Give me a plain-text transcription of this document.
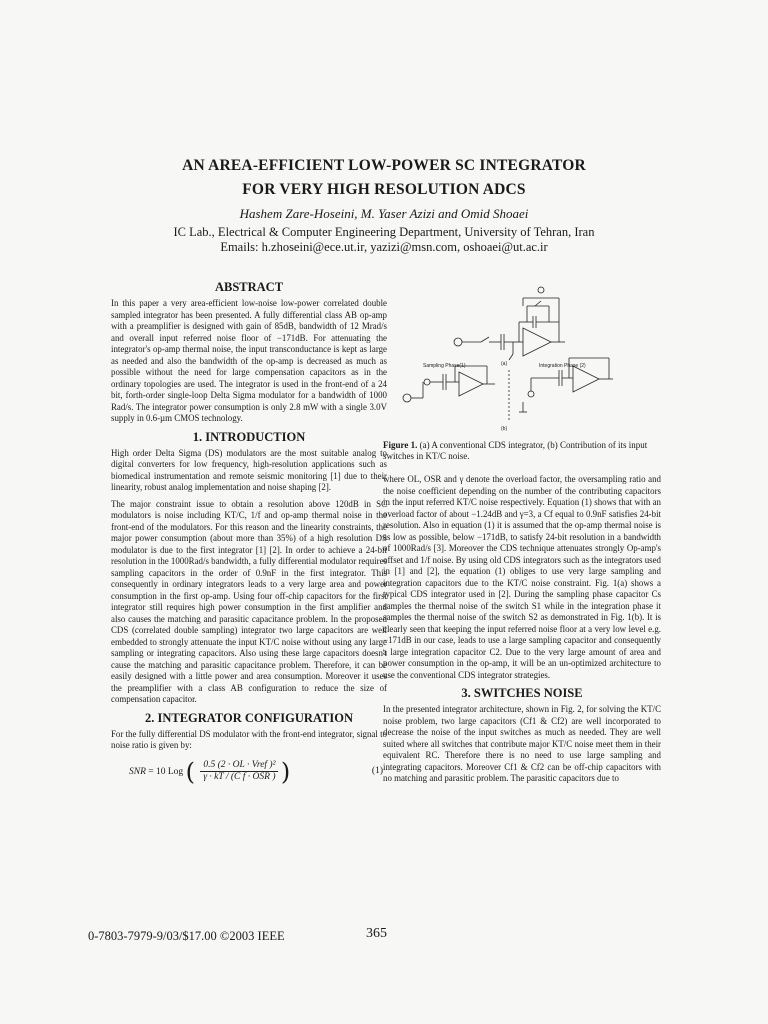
AN AREA-EFFICIENT LOW-POWER SC INTEGRATOR
FOR VERY HIGH RESOLUTION ADCS
Hashem Zare-Hoseini, M. Yaser Azizi and Omid Shoaei
IC Lab., Electrical & Computer Engineering Department, University of Tehran, Iran
Emails: h.zhoseini@ece.ut.ir, yazizi@msn.com, oshoaei@ut.ac.ir
ABSTRACT

In this paper a very area-efficient low-noise low-power correlated double sampled integrator has been presented. A fully differential class AB op-amp with a preamplifier is designed with gain of 85dB, bandwidth of 12 Mrad/s and overall input referred noise floor of −171dB. For attenuating the integrator's op-amp thermal noise, the input transconductance is kept as large as needed and also the bandwidth of the op-amp is decreased as much as possible without the need for large compensation capacitors as in the ordinary topologies are used. The integrator is used in the front-end of a 24 bit, forth-order single-loop Delta Sigma modulator for a bandwidth of 1000 Rad/s. The integrator power consumption is only 2.8 mW with a single 3.0V supply in 0.6-µm CMOS technology.

1. INTRODUCTION

High order Delta Sigma (DS) modulators are the most suitable analog to digital converters for low frequency, high-resolution applications such as biomedical instrumentation and remote seismic monitoring [1] due to their linearity, robust analog implementation and noise shaping [2].

The major constraint issue to obtain a resolution above 120dB in SC modulators is noise including KT/C, 1/f and op-amp thermal noise in the front-end of the modulators. For this reason and the linearity constraints, the major power consumption (about more than 35%) of a high resolution DS modulator is due to the first integrator [1] [2]. In order to achieve a 24-bit resolution in the 1000Rad/s bandwidth, a fully differential modulator requires sampling capacitors in the order of 0.9nF in the first integrator. This consequently in ordinary integrators leads to a very large area and power consumption in the first op-amp. Using four off-chip capacitors for the first integrator still requires high power consumption in the first amplifier and also causes the matching and parasitic capacitance problem. In the proposed CDS (correlated double sampling) integrator two large capacitors are well embedded to strongly attenuate the input KT/C noise without using any large sampling or integrating capacitors. Also using these large capacitors doesn't cause the matching and parasitic capacitance problem. Therefore, it can be easily designed with a little power and area consumption. Moreover it uses the preamplifier with a class AB configuration to reduce the size of compensation capacitor.

2. INTEGRATOR CONFIGURATION

For the fully differential DS modulator with the front-end integrator, signal to noise ratio is given by:

SNR = 10 Log ( $\frac{\text{0.5 (2 · OL · Vref )²}}{\text{γ · kT / (C f · OSR )}}$ )	(1)
(a)
Sampling Phase(1)	Integration Phase (2)
(b)
Figure 1. (a) A conventional CDS integrator, (b) Contribution of its input switches in KT/C noise.

where OL, OSR and γ denote the overload factor, the oversampling ratio and the noise coefficient depending on the number of the contributing capacitors in the input referred KT/C noise respectively. Equation (1) shows that with an overload factor of about −1.24dB and γ=3, a Cf equal to 0.9nF satisfies 24-bit resolution. Also in equation (1) it is assumed that the op-amp thermal noise is as low as possible, below −171dB, to satisfy 24-bit resolution in a bandwidth of 1000Rad/s [3]. Moreover the CDS technique attenuates strongly Op-amp's offset and 1/f noise. By using old CDS integrators such as the integrators used in [1] and [2], the equation (1) obliges to use very large sampling and integration capacitors due to the KT/C noise constraint. Fig. 1(a) shows a typical CDS integrator used in [2]. During the sampling phase capacitor Cs samples the thermal noise of the switch S1 while in the integration phase it samples the thermal noise of the switch S2 as demonstrated in Fig. 1(b). It is clearly seen that keeping the input referred noise floor at a very low level e.g. −171dB in our case, leads to use a large sampling capacitor and consequently a large integration capacitor C2. Due to the very large amount of area and power consumption in the op-amp, it will be an un-optimized architecture to use the conventional CDS integrator strategies.

3. SWITCHES NOISE

In the presented integrator architecture, shown in Fig. 2, for solving the KT/C noise problem, two large capacitors (Cf1 & Cf2) are well incorporated to decrease the noise of the input switches as much as needed. They are well suited where all switches that contribute major KT/C noise meet them in their equivalent RC. Therefore there is no need to use large sampling and integrating capacitors. Moreover Cf1 & Cf2 can be off-chip capacitors with no matching and parasitic problem. The parasitic capacitors due to

0-7803-7979-9/03/$17.00 ©2003 IEEE	365
